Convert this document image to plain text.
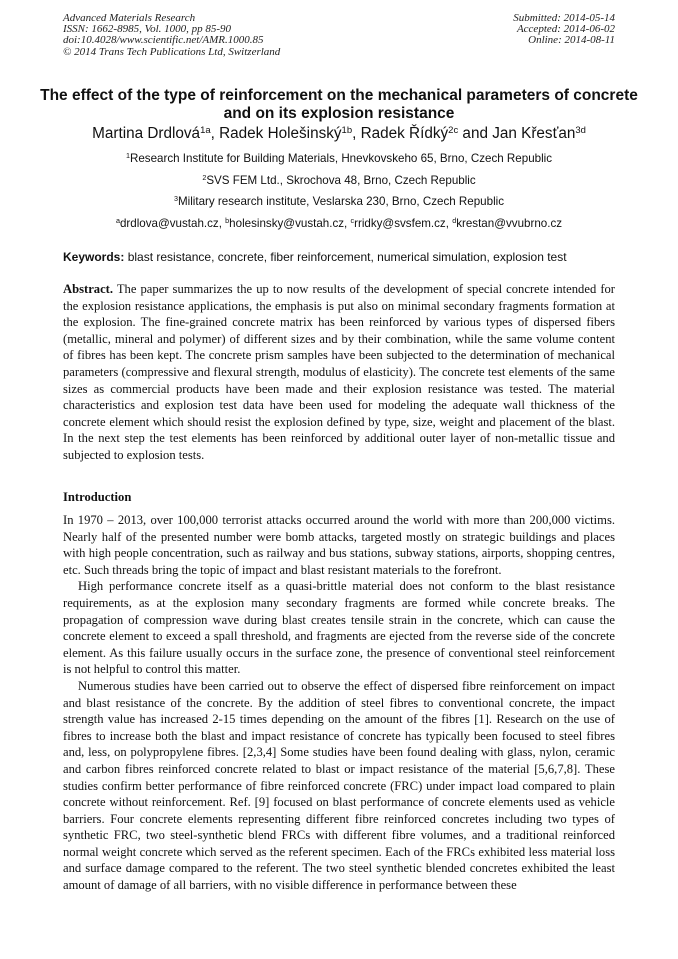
Advanced Materials Research
ISSN: 1662-8985, Vol. 1000, pp 85-90
doi:10.4028/www.scientific.net/AMR.1000.85
© 2014 Trans Tech Publications Ltd, Switzerland
Submitted: 2014-05-14
Accepted: 2014-06-02
Online: 2014-08-11
The effect of the type of reinforcement on the mechanical parameters of concrete and on its explosion resistance
Martina Drdlová$^{1a}$, Radek Holešinský$^{1b}$, Radek Řídký$^{2c}$ and Jan Křesťan$^{3d}$
$^1$Research Institute for Building Materials, Hnevkovskeho 65, Brno, Czech Republic
$^2$SVS FEM Ltd., Skrochova 48, Brno, Czech Republic
$^3$Military research institute, Veslarska 230, Brno, Czech Republic
$^a$drdlova@vustah.cz, $^b$holesinsky@vustah.cz, $^c$rridky@svsfem.cz, $^d$krestan@vvubrno.cz
Keywords: blast resistance, concrete, fiber reinforcement, numerical simulation, explosion test
Abstract. The paper summarizes the up to now results of the development of special concrete intended for the explosion resistance applications, the emphasis is put also on minimal secondary fragments formation at the explosion. The fine-grained concrete matrix has been reinforced by various types of dispersed fibers (metallic, mineral and polymer) of different sizes and by their combination, while the same volume content of fibres has been kept. The concrete prism samples have been subjected to the determination of mechanical parameters (compressive and flexural strength, modulus of elasticity). The concrete test elements of the same sizes as commercial products have been made and their explosion resistance was tested. The material characteristics and explosion test data have been used for modeling the adequate wall thickness of the concrete element which should resist the explosion defined by type, size, weight and placement of the blast. In the next step the test elements has been reinforced by additional outer layer of non-metallic tissue and subjected to explosion tests.
Introduction

In 1970 – 2013, over 100,000 terrorist attacks occurred around the world with more than 200,000 victims. Nearly half of the presented number were bomb attacks, targeted mostly on strategic buildings and places with high people concentration, such as railway and bus stations, subway stations, airports, shopping centres, etc. Such threads bring the topic of impact and blast resistant materials to the forefront.

High performance concrete itself as a quasi-brittle material does not conform to the blast resistance requirements, as at the explosion many secondary fragments are formed while concrete breaks. The propagation of compression wave during blast creates tensile strain in the concrete, which can cause the concrete element to exceed a spall threshold, and fragments are ejected from the reverse side of the concrete element. As this failure usually occurs in the surface zone, the presence of conventional steel reinforcement is not helpful to control this matter.

Numerous studies have been carried out to observe the effect of dispersed fibre reinforcement on impact and blast resistance of the concrete. By the addition of steel fibres to conventional concrete, the impact strength value has increased 2-15 times depending on the amount of the fibres [1]. Research on the use of fibres to increase both the blast and impact resistance of concrete has typically been focused to steel fibres and, less, on polypropylene fibres. [2,3,4] Some studies have been found dealing with glass, nylon, ceramic and carbon fibres reinforced concrete related to blast or impact resistance of the material [5,6,7,8]. These studies confirm better performance of fibre reinforced concrete (FRC) under impact load compared to plain concrete without reinforcement. Ref. [9] focused on blast performance of concrete elements used as vehicle barriers. Four concrete elements representing different fibre reinforced concretes including two types of synthetic FRC, two steel-synthetic blend FRCs with different fibre volumes, and a traditional reinforced normal weight concrete which served as the referent specimen. Each of the FRCs exhibited less material loss and surface damage compared to the referent. The two steel synthetic blended concretes exhibited the least amount of damage of all barriers, with no visible difference in performance between these
